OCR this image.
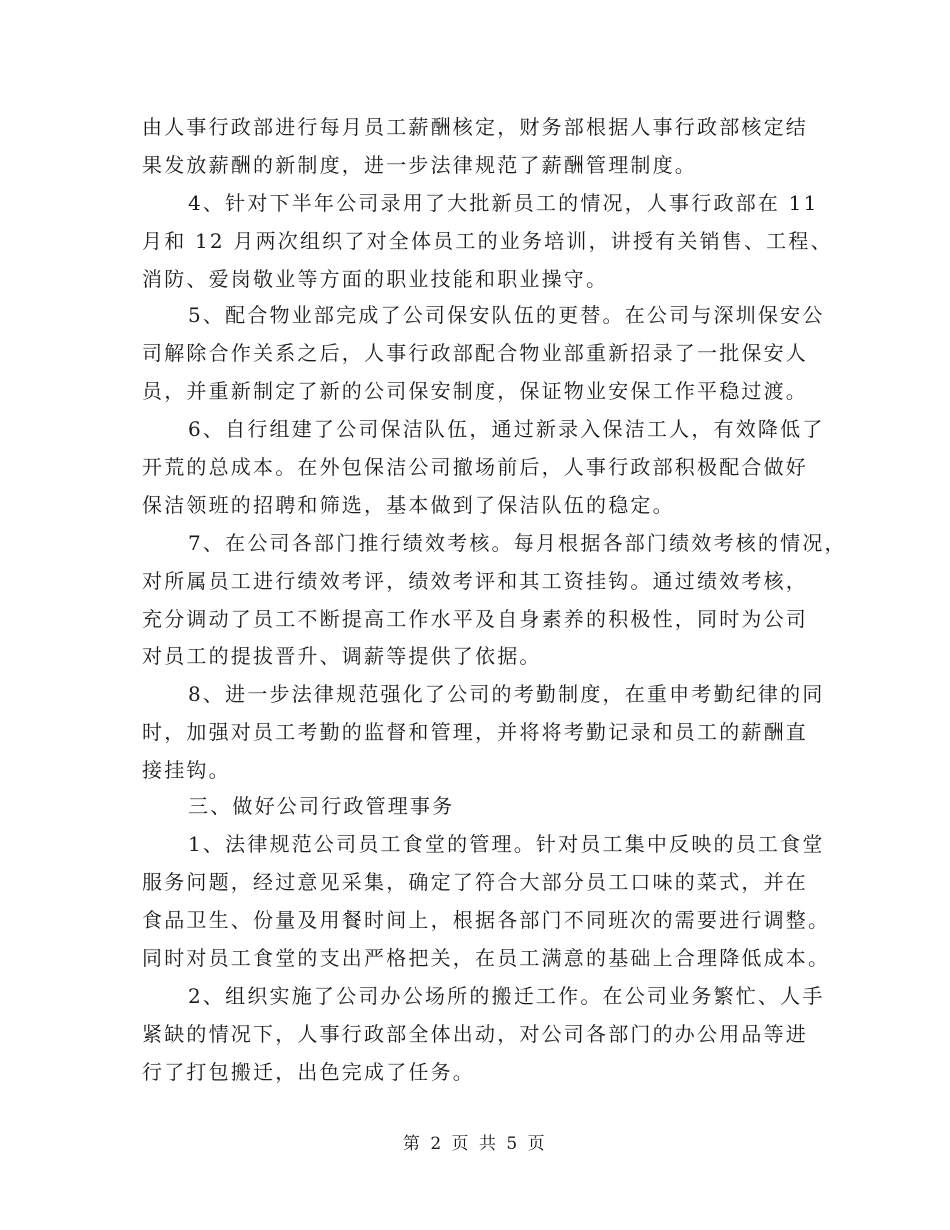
由人事行政部进行每月员工薪酬核定，财务部根据人事行政部核定结
果发放薪酬的新制度，进一步法律规范了薪酬管理制度。
4、针对下半年公司录用了大批新员工的情况，人事行政部在 11
月和 12 月两次组织了对全体员工的业务培训，讲授有关销售、工程、
消防、爱岗敬业等方面的职业技能和职业操守。
5、配合物业部完成了公司保安队伍的更替。在公司与深圳保安公
司解除合作关系之后，人事行政部配合物业部重新招录了一批保安人
员，并重新制定了新的公司保安制度，保证物业安保工作平稳过渡。
6、自行组建了公司保洁队伍，通过新录入保洁工人，有效降低了
开荒的总成本。在外包保洁公司撤场前后，人事行政部积极配合做好
保洁领班的招聘和筛选，基本做到了保洁队伍的稳定。
7、在公司各部门推行绩效考核。每月根据各部门绩效考核的情况，
对所属员工进行绩效考评，绩效考评和其工资挂钩。通过绩效考核，
充分调动了员工不断提高工作水平及自身素养的积极性，同时为公司
对员工的提拔晋升、调薪等提供了依据。
8、进一步法律规范强化了公司的考勤制度，在重申考勤纪律的同
时，加强对员工考勤的监督和管理，并将将考勤记录和员工的薪酬直
接挂钩。
三、做好公司行政管理事务
1、法律规范公司员工食堂的管理。针对员工集中反映的员工食堂
服务问题，经过意见采集，确定了符合大部分员工口味的菜式，并在
食品卫生、份量及用餐时间上，根据各部门不同班次的需要进行调整。
同时对员工食堂的支出严格把关，在员工满意的基础上合理降低成本。
2、组织实施了公司办公场所的搬迁工作。在公司业务繁忙、人手
紧缺的情况下，人事行政部全体出动，对公司各部门的办公用品等进
行了打包搬迁，出色完成了任务。
第 2 页 共 5 页
